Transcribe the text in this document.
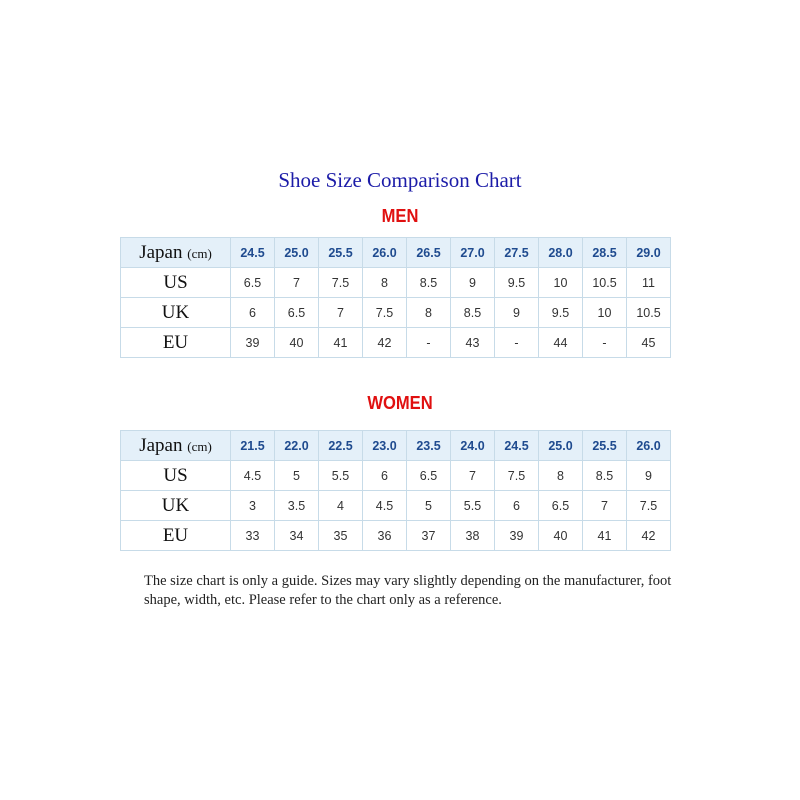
Shoe Size Comparison Chart
MEN
Japan (cm)	24.5	25.0	25.5	26.0	26.5	27.0	27.5	28.0	28.5	29.0
US	6.5	7	7.5	8	8.5	9	9.5	10	10.5	11
UK	6	6.5	7	7.5	8	8.5	9	9.5	10	10.5
EU	39	40	41	42	-	43	-	44	-	45
WOMEN
Japan (cm)	21.5	22.0	22.5	23.0	23.5	24.0	24.5	25.0	25.5	26.0
US	4.5	5	5.5	6	6.5	7	7.5	8	8.5	9
UK	3	3.5	4	4.5	5	5.5	6	6.5	7	7.5
EU	33	34	35	36	37	38	39	40	41	42
The size chart is only a guide. Sizes may vary slightly depending on the manufacturer, foot shape, width, etc. Please refer to the chart only as a reference.
